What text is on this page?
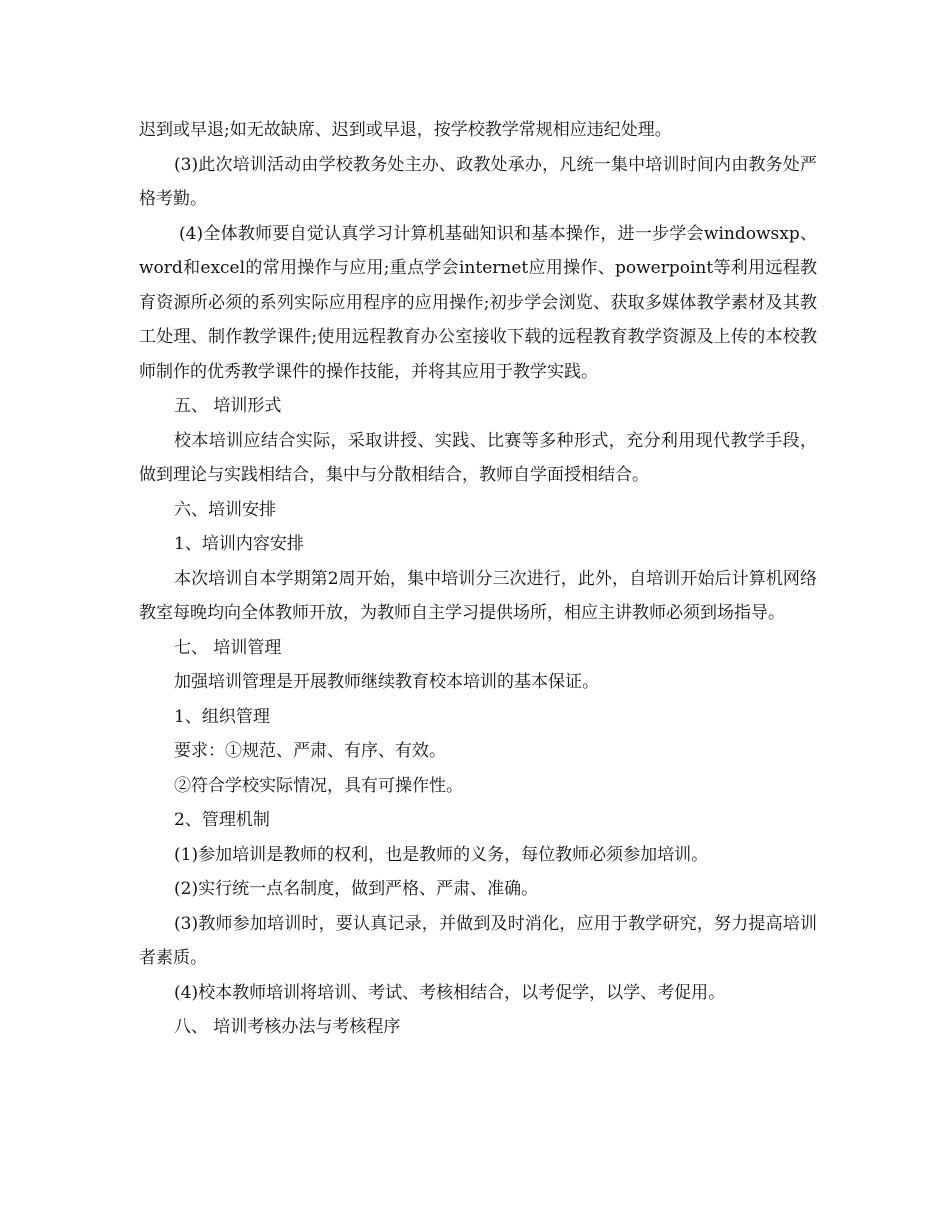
迟到或早退;如无故缺席、迟到或早退，按学校教学常规相应违纪处理。

(3)此次培训活动由学校教务处主办、政教处承办，凡统一集中培训时间内由教务处严格考勤。

(4)全体教师要自觉认真学习计算机基础知识和基本操作，进一步学会windowsxp、word和excel的常用操作与应用;重点学会internet应用操作、powerpoint等利用远程教育资源所必须的系列实际应用程序的应用操作;初步学会浏览、获取多媒体教学素材及其教工处理、制作教学课件;使用远程教育办公室接收下载的远程教育教学资源及上传的本校教师制作的优秀教学课件的操作技能，并将其应用于教学实践。

五、 培训形式

校本培训应结合实际，采取讲授、实践、比赛等多种形式，充分利用现代教学手段，做到理论与实践相结合，集中与分散相结合，教师自学面授相结合。

六、培训安排

1、培训内容安排

本次培训自本学期第2周开始，集中培训分三次进行，此外，自培训开始后计算机网络教室每晚均向全体教师开放，为教师自主学习提供场所，相应主讲教师必须到场指导。

七、 培训管理

加强培训管理是开展教师继续教育校本培训的基本保证。

1、组织管理

要求：①规范、严肃、有序、有效。

②符合学校实际情况，具有可操作性。

2、管理机制

(1)参加培训是教师的权利，也是教师的义务，每位教师必须参加培训。

(2)实行统一点名制度，做到严格、严肃、准确。

(3)教师参加培训时，要认真记录，并做到及时消化，应用于教学研究，努力提高培训者素质。

(4)校本教师培训将培训、考试、考核相结合，以考促学，以学、考促用。

八、 培训考核办法与考核程序
